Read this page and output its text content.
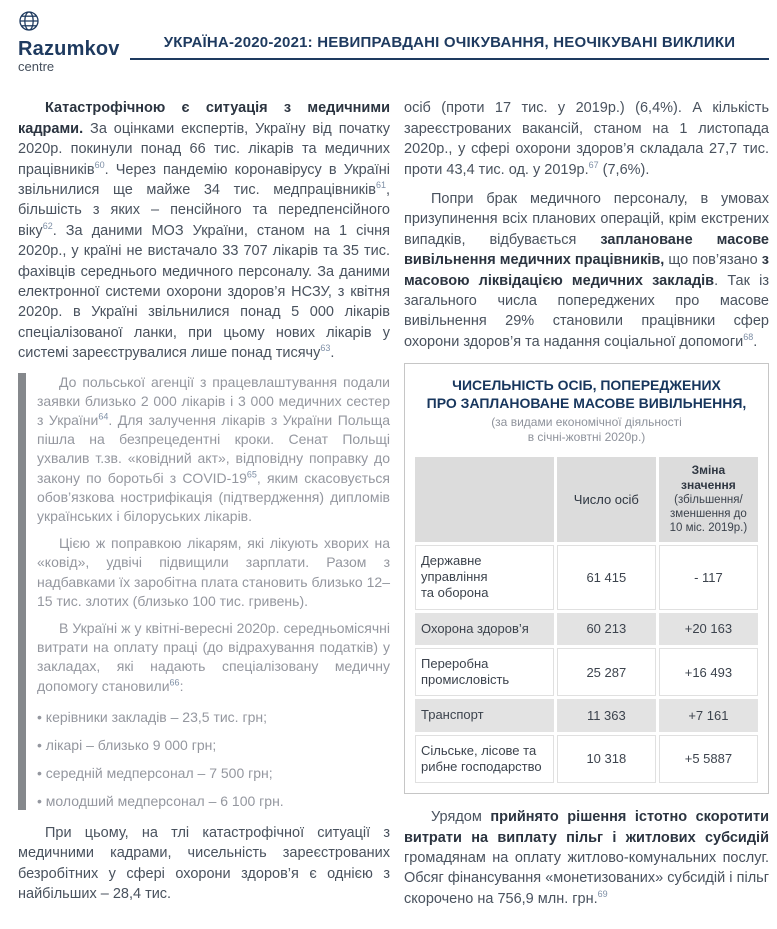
Razumkov
centre
УКРАЇНА-2020-2021: НЕВИПРАВДАНІ ОЧІКУВАННЯ, НЕОЧІКУВАНІ ВИКЛИКИ

Катастрофічною є ситуація з медичними кадрами. За оцінками експертів, Україну від початку 2020р. покинули понад 66 тис. лікарів та медичних працівників$^{60}$. Через пандемію коронавірусу в Україні звільнилися ще майже 34 тис. медпрацівників$^{61}$, більшість з яких – пенсійного та передпенсійного віку$^{62}$. За даними МОЗ України, станом на 1 січня 2020р., у країні не вистачало 33 707 лікарів та 35 тис. фахівців середнього медичного персоналу. За даними електронної системи охорони здоров’я НСЗУ, з квітня 2020р. в Україні звільнилися понад 5 000 лікарів спеціалізованої ланки, при цьому нових лікарів у системі зареєструвалися лише понад тисячу$^{63}$.

До польської агенції з працевлаштування подали заявки близько 2 000 лікарів і 3 000 медичних сестер з України$^{64}$. Для залучення лікарів з України Польща пішла на безпрецедентні кроки. Сенат Польщі ухвалив т.зв. «ковідний акт», відповідну поправку до закону по боротьбі з COVID-$19^{65}$, яким скасовується обов’язкова нострифікація (підтвердження) дипломів українських і білоруських лікарів.

Цією ж поправкою лікарям, які лікують хворих на «ковід», удвічі підвищили зарплати. Разом з надбавками їх заробітна плата становить близько 12–15 тис. злотих (близько 100 тис. гривень).

В Україні ж у квітні-вересні 2020р. середньомісячні витрати на оплату праці (до відрахування податків) у закладах, які надають спеціалізовану медичну допомогу становили$^{66}$:

• керівники закладів – 23,5 тис. грн;
• лікарі – близько 9 000 грн;
• середній медперсонал – 7 500 грн;
• молодший медперсонал – 6 100 грн.

При цьому, на тлі катастрофічної ситуації з медичними кадрами, чисельність зареєстрованих безробітних у сфері охорони здоров’я є однією з найбільших – 28,4 тис.

осіб (проти 17 тис. у 2019р.) (6,4%). А кількість зареєстрованих вакансій, станом на 1 листопада 2020р., у сфері охорони здоров’я складала 27,7 тис. проти 43,4 тис. од. у 2019р.$^{67}$ (7,6%).

Попри брак медичного персоналу, в умовах призупинення всіх планових операцій, крім екстрених випадків, відбувається заплановане масове вивільнення медичних працівників, що пов’язано з масовою ліквідацією медичних закладів. Так із загального числа попереджених про масове вивільнення 29% становили працівники сфер охорони здоров’я та надання соціальної допомоги$^{68}$.

ЧИСЕЛЬНІСТЬ ОСІБ, ПОПЕРЕДЖЕНИХ
ПРО ЗАПЛАНОВАНЕ МАСОВЕ ВИВІЛЬНЕННЯ,
(за видами економічної діяльності
в січні-жовтні 2020р.)
	Число осіб	Зміна значення
(збільшення/
зменшення до
10 міс. 2019р.)

Державне управління
та оборона	61 415	- 117
Охорона здоров’я	60 213	+20 163
Переробна
промисловість	25 287	+16 493
Транспорт	11 363	+7 161
Сільське, лісове та
рибне господарство	10 318	+5 5887

Урядом прийнято рішення істотно скоротити витрати на виплату пільг і житлових субсидій громадянам на оплату житлово-комунальних послуг. Обсяг фінансування «монетизованих» субсидій і пільг скорочено на 756,9 млн. грн.$^{69}$
